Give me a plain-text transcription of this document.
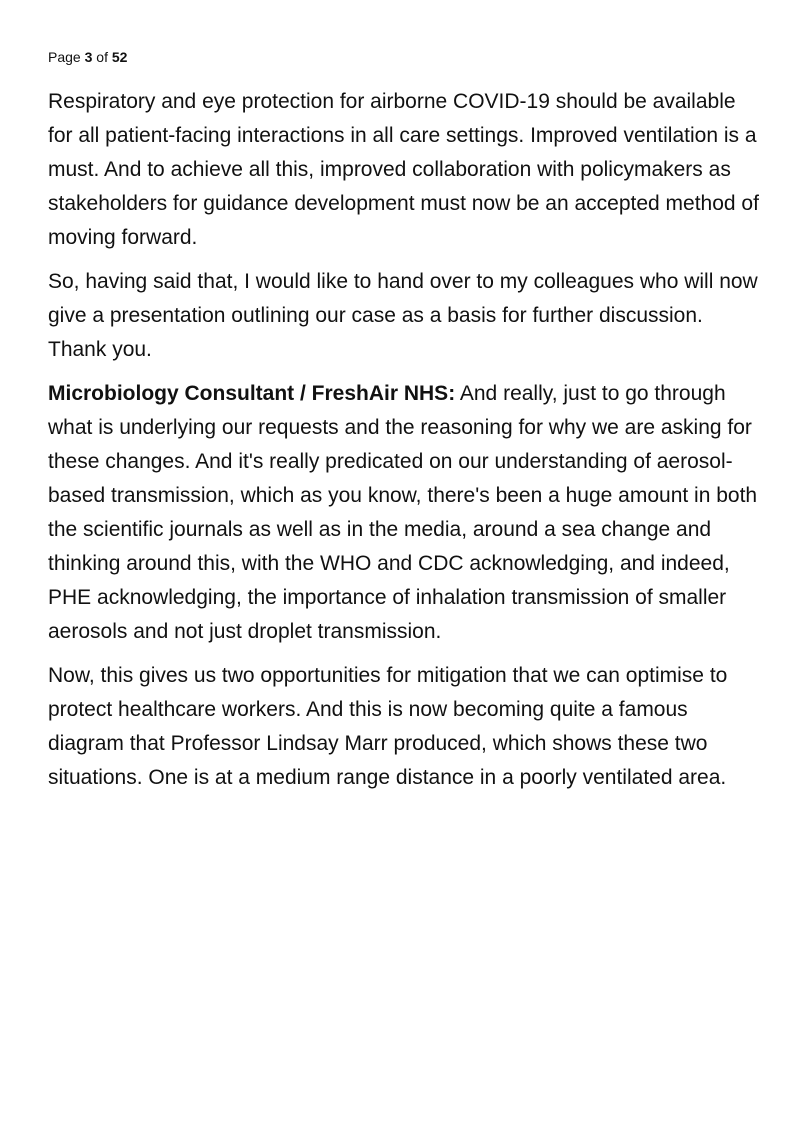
Page 3 of 52

Respiratory and eye protection for airborne COVID-19 should be available for all patient-facing interactions in all care settings. Improved ventilation is a must. And to achieve all this, improved collaboration with policymakers as stakeholders for guidance development must now be an accepted method of moving forward.

So, having said that, I would like to hand over to my colleagues who will now give a presentation outlining our case as a basis for further discussion. Thank you.

Microbiology Consultant / FreshAir NHS: And really, just to go through what is underlying our requests and the reasoning for why we are asking for these changes. And it's really predicated on our understanding of aerosol-based transmission, which as you know, there's been a huge amount in both the scientific journals as well as in the media, around a sea change and thinking around this, with the WHO and CDC acknowledging, and indeed, PHE acknowledging, the importance of inhalation transmission of smaller aerosols and not just droplet transmission.

Now, this gives us two opportunities for mitigation that we can optimise to protect healthcare workers. And this is now becoming quite a famous diagram that Professor Lindsay Marr produced, which shows these two situations. One is at a medium range distance in a poorly ventilated area.
